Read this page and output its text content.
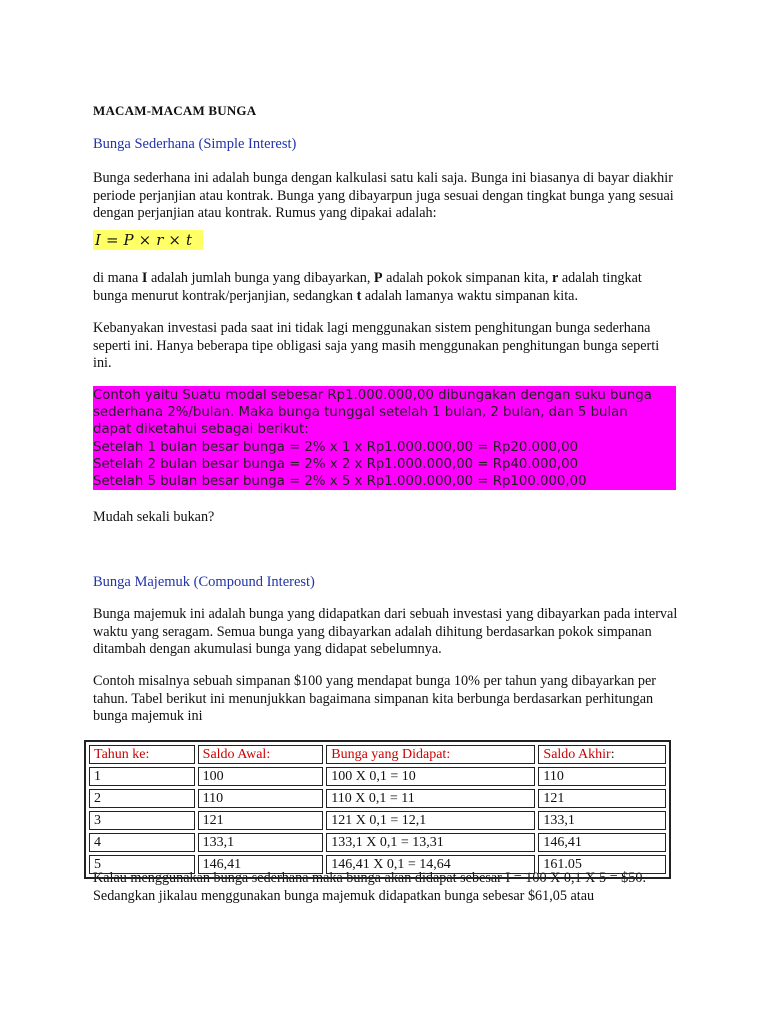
MACAM-MACAM BUNGA
Bunga Sederhana (Simple Interest)

Bunga sederhana ini adalah bunga dengan kalkulasi satu kali saja. Bunga ini biasanya di bayar diakhir periode perjanjian atau kontrak. Bunga yang dibayarpun juga sesuai dengan tingkat bunga yang sesuai dengan perjanjian atau kontrak. Rumus yang dipakai adalah:

I = P × r × t

di mana I adalah jumlah bunga yang dibayarkan, P adalah pokok simpanan kita, r adalah tingkat bunga menurut kontrak/perjanjian, sedangkan t adalah lamanya waktu simpanan kita.

Kebanyakan investasi pada saat ini tidak lagi menggunakan sistem penghitungan bunga sederhana seperti ini. Hanya beberapa tipe obligasi saja yang masih menggunakan penghitungan bunga seperti ini.

Contoh yaitu Suatu modal sebesar Rp1.000.000,00 dibungakan dengan suku bunga
sederhana 2%/bulan. Maka bunga tunggal setelah 1 bulan, 2 bulan, dan 5 bulan
dapat diketahui sebagai berikut:
Setelah 1 bulan besar bunga = 2% x 1 x Rp1.000.000,00 = Rp20.000,00
Setelah 2 bulan besar bunga = 2% x 2 x Rp1.000.000,00 = Rp40.000,00
Setelah 5 bulan besar bunga = 2% x 5 x Rp1.000.000,00 = Rp100.000,00

Mudah sekali bukan?

Bunga Majemuk (Compound Interest)

Bunga majemuk ini adalah bunga yang didapatkan dari sebuah investasi yang dibayarkan pada interval waktu yang seragam. Semua bunga yang dibayarkan adalah dihitung berdasarkan pokok simpanan ditambah dengan akumulasi bunga yang didapat sebelumnya.

Contoh misalnya sebuah simpanan $100 yang mendapat bunga 10% per tahun yang dibayarkan per tahun. Tabel berikut ini menunjukkan bagaimana simpanan kita berbunga berdasarkan perhitungan bunga majemuk ini

Kalau menggunakan bunga sederhana maka bunga akan didapat sebesar I = 100 X 0,1 X 5 = $50. Sedangkan jikalau menggunakan bunga majemuk didapatkan bunga sebesar $61,05 atau

Tahun ke:	Saldo Awal:	Bunga yang Didapat:	Saldo Akhir:
1	100	100 X 0,1 = 10	110
2	110	110 X 0,1 = 11	121
3	121	121 X 0,1 = 12,1	133,1
4	133,1	133,1 X 0,1 = 13,31	146,41
5	146,41	146,41 X 0,1 = 14,64	161.05
